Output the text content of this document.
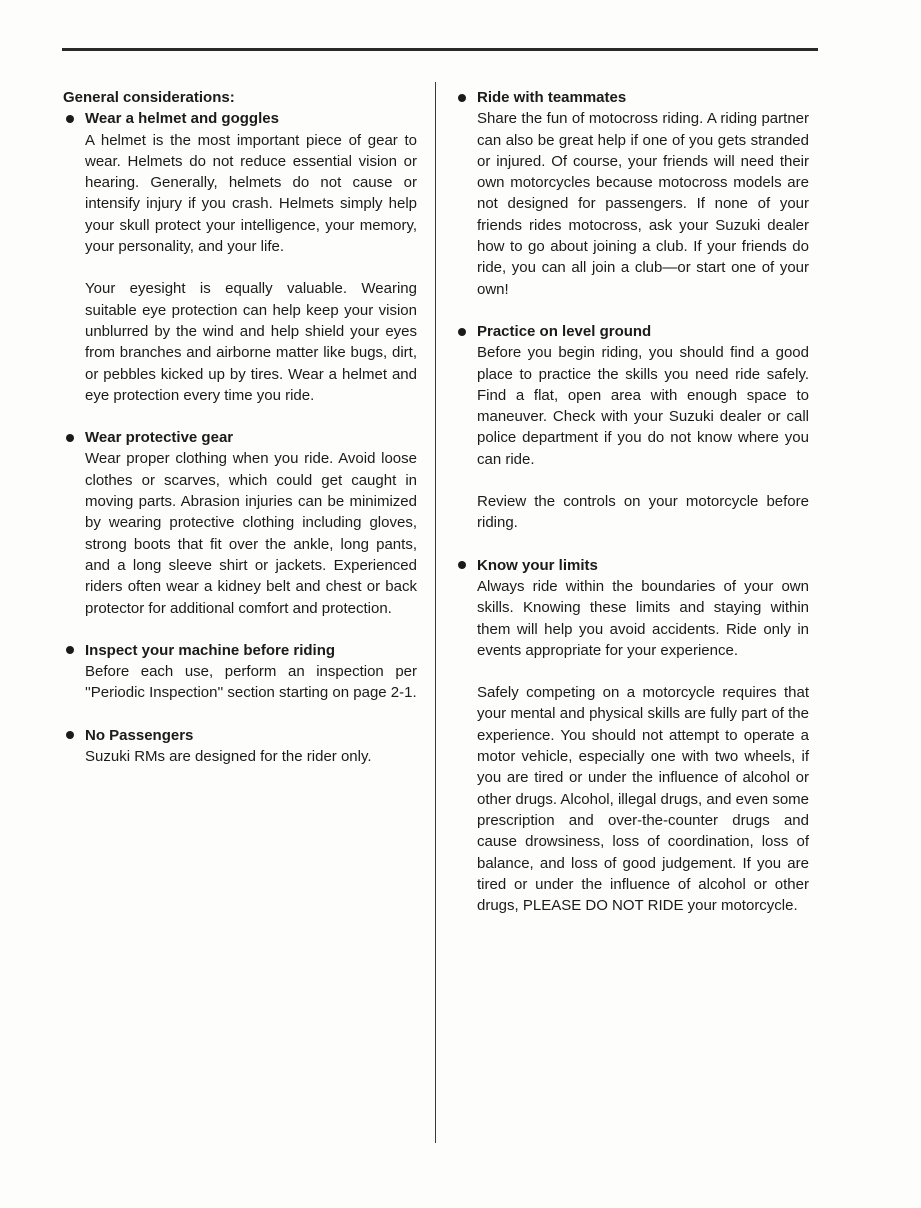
General considerations:

Wear a helmet and goggles

A helmet is the most important piece of gear to wear. Helmets do not reduce essential vision or hearing. Generally, helmets do not cause or intensify injury if you crash. Helmets simply help your skull protect your intelligence, your memory, your personality, and your life.

Your eyesight is equally valuable. Wearing suitable eye protection can help keep your vision unblurred by the wind and help shield your eyes from branches and airborne matter like bugs, dirt, or pebbles kicked up by tires. Wear a helmet and eye protection every time you ride.

Wear protective gear

Wear proper clothing when you ride. Avoid loose clothes or scarves, which could get caught in moving parts. Abrasion injuries can be minimized by wearing protective clothing including gloves, strong boots that fit over the ankle, long pants, and a long sleeve shirt or jackets. Experienced riders often wear a kidney belt and chest or back protector for additional comfort and protection.

Inspect your machine before riding

Before each use, perform an inspection per ''Periodic Inspection'' section starting on page 2-1.

No Passengers

Suzuki RMs are designed for the rider only.

Ride with teammates

Share the fun of motocross riding. A riding partner can also be great help if one of you gets stranded or injured. Of course, your friends will need their own motorcycles because motocross models are not designed for passengers. If none of your friends rides motocross, ask your Suzuki dealer how to go about joining a club. If your friends do ride, you can all join a club—or start one of your own!

Practice on level ground

Before you begin riding, you should find a good place to practice the skills you need ride safely. Find a flat, open area with enough space to maneuver. Check with your Suzuki dealer or call police department if you do not know where you can ride.

Review the controls on your motorcycle before riding.

Know your limits

Always ride within the boundaries of your own skills. Knowing these limits and staying within them will help you avoid accidents. Ride only in events appropriate for your experience.

Safely competing on a motorcycle requires that your mental and physical skills are fully part of the experience. You should not attempt to operate a motor vehicle, especially one with two wheels, if you are tired or under the influence of alcohol or other drugs. Alcohol, illegal drugs, and even some prescription and over-the-counter drugs and cause drowsiness, loss of coordination, loss of balance, and loss of good judgement. If you are tired or under the influence of alcohol or other drugs, PLEASE DO NOT RIDE your motorcycle.
